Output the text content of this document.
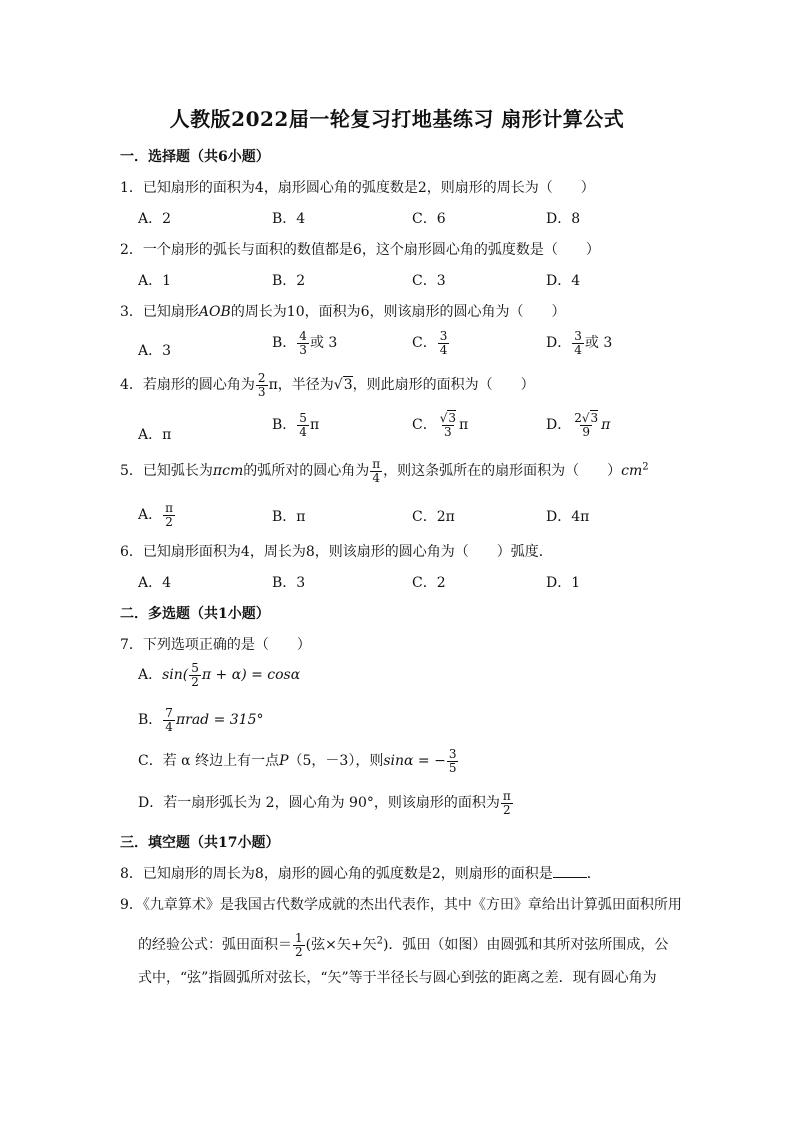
人教版2022届一轮复习打地基练习 扇形计算公式
一．选择题（共6小题）
1．已知扇形的面积为4，扇形圆心角的弧度数是2，则扇形的周长为（　　）
A．2	B．4	C．6	D．8
2．一个扇形的弧长与面积的数值都是6，这个扇形圆心角的弧度数是（　　）
A．1	B．2	C．3	D．4
3．已知扇形AOB的周长为10，面积为6，则该扇形的圆心角为（　　）
A．3	B． $\frac{4}{3}$ 或 3	C． $\frac{3}{4}$	D． $\frac{3}{4}$ 或 3
4．若扇形的圆心角为 $\frac{2}{3}$ π，半径为√3，则此扇形的面积为（　　）
A．π
B． $\frac{5}{4}$ π	C． $\frac{√3}{3}$ π	D． $\frac{2√3}{9}$ π
5．已知弧长为πcm的弧所对的圆心角为 $\frac{\pi}{4}$ ，则这条弧所在的扇形面积为（　　）$cm^2$
A． $\frac{\pi}{2}$	B．π	C．2π	D．4π
6．已知扇形面积为4，周长为8，则该扇形的圆心角为（　　）弧度．
A．4	B．3	C．2	D．1
二．多选题（共1小题）
7．下列选项正确的是（　　）
A．$\sin( \frac{5}{2}$ π + α) = cosα
B． $\frac{7}{4}$ πrad = 315°
C．若 α 终边上有一点P（5，－3），则sinα = − $\frac{3}{5}$
D．若一扇形弧长为 2，圆心角为 90°，则该扇形的面积为 $\frac{\pi}{2}$
三．填空题（共17小题）
8．已知扇形的周长为8，扇形的圆心角的弧度数是2，则扇形的面积是 ．
9．《九章算术》是我国古代数学成就的杰出代表作，其中《方田》章给出计算弧田面积所用
的经验公式：弧田面积＝ $\frac{1}{2}$ (弦×矢+矢$^2$)．弧田（如图）由圆弧和其所对弦所围成，公
式中，“弦”指圆弧所对弦长，“矢”等于半径长与圆心到弦的距离之差．现有圆心角为
